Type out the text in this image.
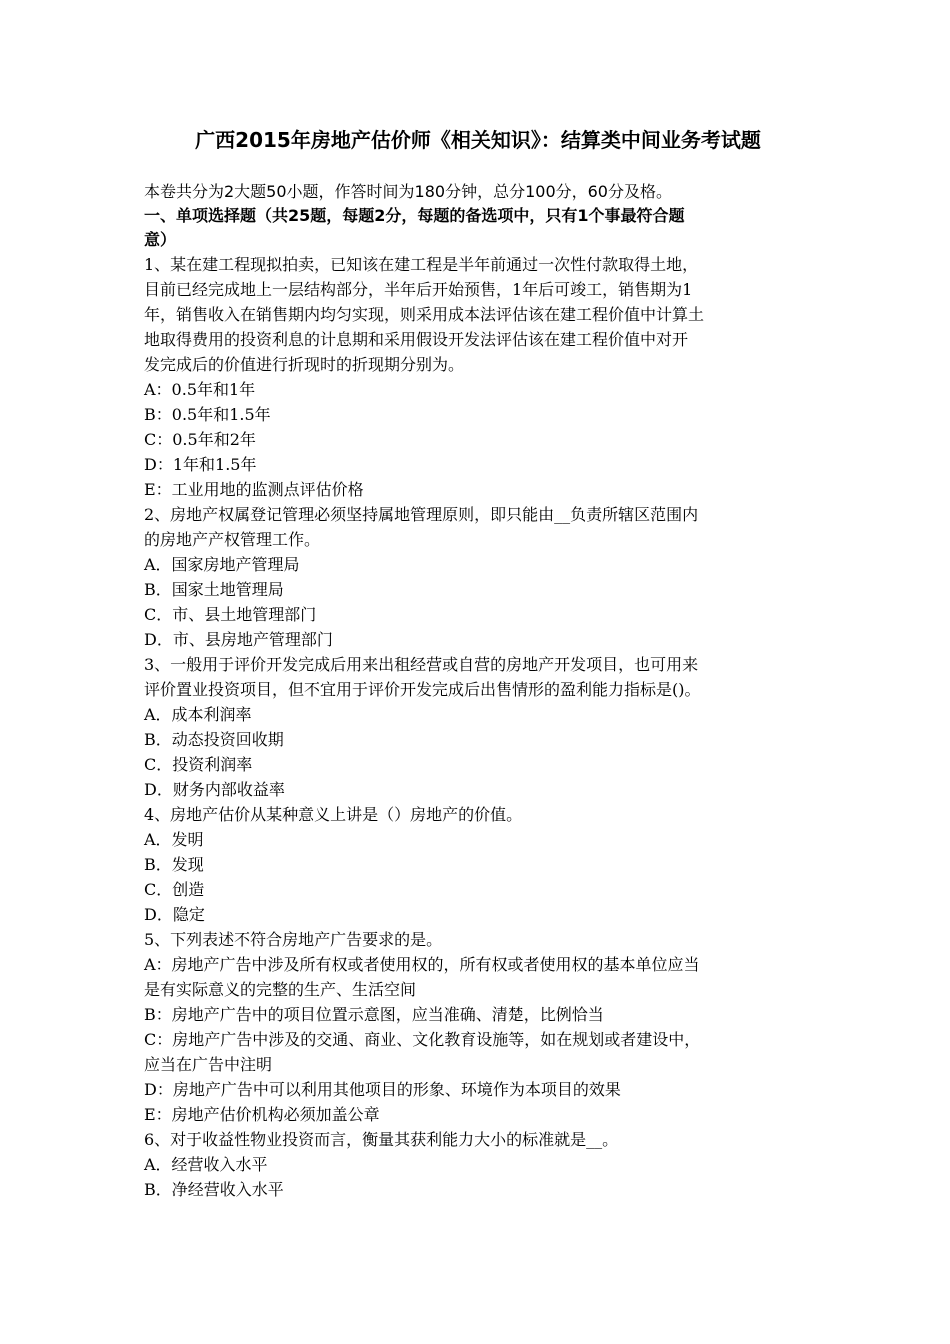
广西2015年房地产估价师《相关知识》：结算类中间业务考试题
本卷共分为2大题50小题，作答时间为180分钟，总分100分，60分及格。
一、单项选择题（共25题，每题2分，每题的备选项中，只有1个事最符合题
意）
1、某在建工程现拟拍卖，已知该在建工程是半年前通过一次性付款取得土地，
目前已经完成地上一层结构部分，半年后开始预售，1年后可竣工，销售期为1
年，销售收入在销售期内均匀实现，则采用成本法评估该在建工程价值中计算土
地取得费用的投资利息的计息期和采用假设开发法评估该在建工程价值中对开
发完成后的价值进行折现时的折现期分别为。
A：0.5年和1年
B：0.5年和1.5年
C：0.5年和2年
D：1年和1.5年
E：工业用地的监测点评估价格
2、房地产权属登记管理必须坚持属地管理原则，即只能由__负责所辖区范围内
的房地产产权管理工作。
A．国家房地产管理局
B．国家土地管理局
C．市、县土地管理部门
D．市、县房地产管理部门
3、一般用于评价开发完成后用来出租经营或自营的房地产开发项目，也可用来
评价置业投资项目，但不宜用于评价开发完成后出售情形的盈利能力指标是()。
A．成本利润率
B．动态投资回收期
C．投资利润率
D．财务内部收益率
4、房地产估价从某种意义上讲是（）房地产的价值。
A．发明
B．发现
C．创造
D．隐定
5、下列表述不符合房地产广告要求的是。
A：房地产广告中涉及所有权或者使用权的，所有权或者使用权的基本单位应当
是有实际意义的完整的生产、生活空间
B：房地产广告中的项目位置示意图，应当准确、清楚，比例恰当
C：房地产广告中涉及的交通、商业、文化教育设施等，如在规划或者建设中，
应当在广告中注明
D：房地产广告中可以利用其他项目的形象、环境作为本项目的效果
E：房地产估价机构必须加盖公章
6、对于收益性物业投资而言，衡量其获利能力大小的标准就是__。
A．经营收入水平
B．净经营收入水平
